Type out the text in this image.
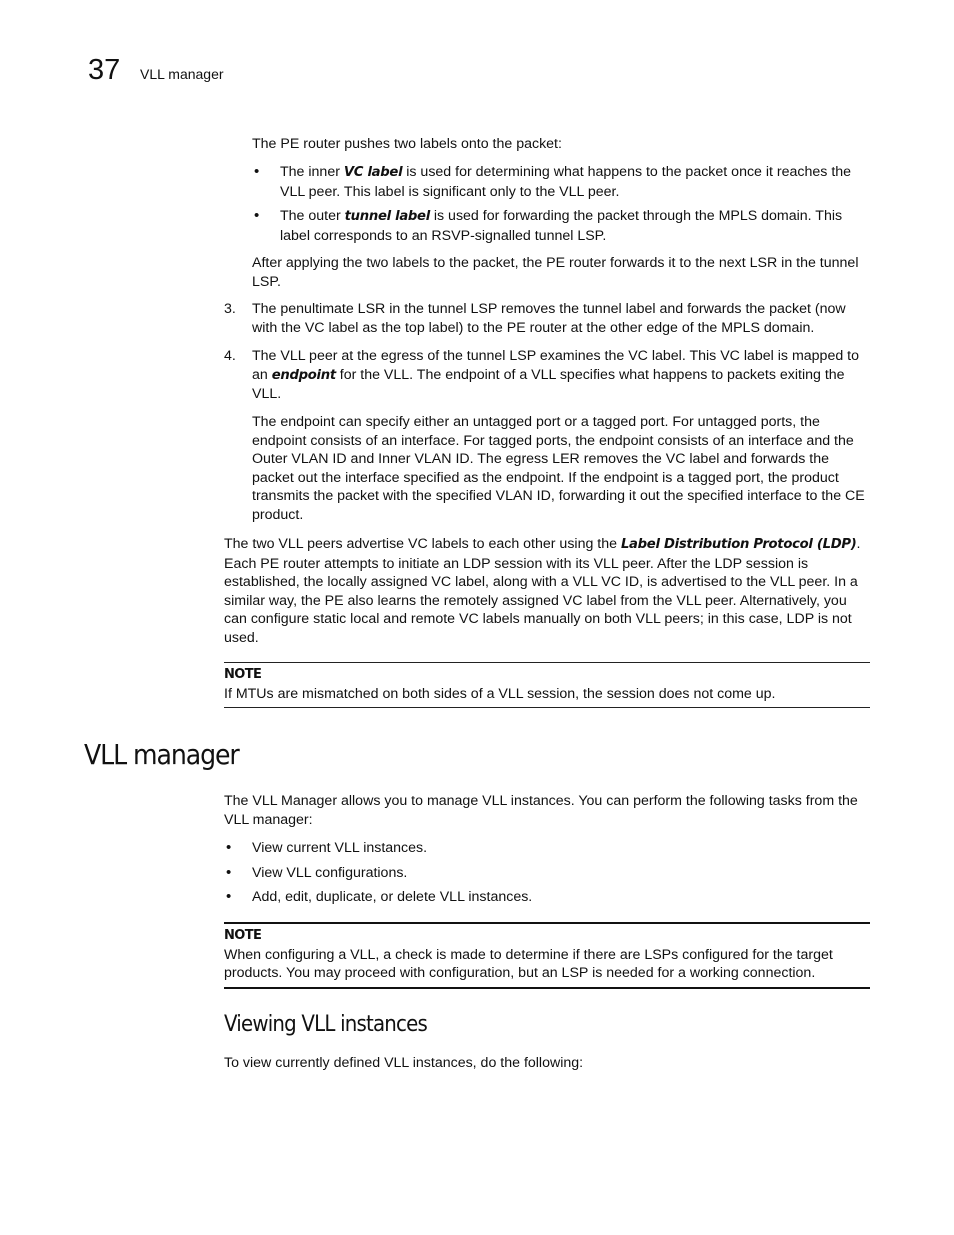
37 VLL manager

The PE router pushes two labels onto the packet:

• The inner VC label is used for determining what happens to the packet once it reaches the VLL peer. This label is significant only to the VLL peer.
• The outer tunnel label is used for forwarding the packet through the MPLS domain. This label corresponds to an RSVP-signalled tunnel LSP.

After applying the two labels to the packet, the PE router forwards it to the next LSR in the tunnel LSP.

3. The penultimate LSR in the tunnel LSP removes the tunnel label and forwards the packet (now with the VC label as the top label) to the PE router at the other edge of the MPLS domain.
4. The VLL peer at the egress of the tunnel LSP examines the VC label. This VC label is mapped to an endpoint for the VLL. The endpoint of a VLL specifies what happens to packets exiting the VLL.

The endpoint can specify either an untagged port or a tagged port. For untagged ports, the endpoint consists of an interface. For tagged ports, the endpoint consists of an interface and the Outer VLAN ID and Inner VLAN ID. The egress LER removes the VC label and forwards the packet out the interface specified as the endpoint. If the endpoint is a tagged port, the product transmits the packet with the specified VLAN ID, forwarding it out the specified interface to the CE product.

The two VLL peers advertise VC labels to each other using the Label Distribution Protocol (LDP). Each PE router attempts to initiate an LDP session with its VLL peer. After the LDP session is established, the locally assigned VC label, along with a VLL VC ID, is advertised to the VLL peer. In a similar way, the PE also learns the remotely assigned VC label from the VLL peer. Alternatively, you can configure static local and remote VC labels manually on both VLL peers; in this case, LDP is not used.

NOTE
If MTUs are mismatched on both sides of a VLL session, the session does not come up.
VLL manager

The VLL Manager allows you to manage VLL instances. You can perform the following tasks from the VLL manager:

• View current VLL instances.
• View VLL configurations.
• Add, edit, duplicate, or delete VLL instances.
NOTE
When configuring a VLL, a check is made to determine if there are LSPs configured for the target products. You may proceed with configuration, but an LSP is needed for a working connection.
Viewing VLL instances

To view currently defined VLL instances, do the following:
